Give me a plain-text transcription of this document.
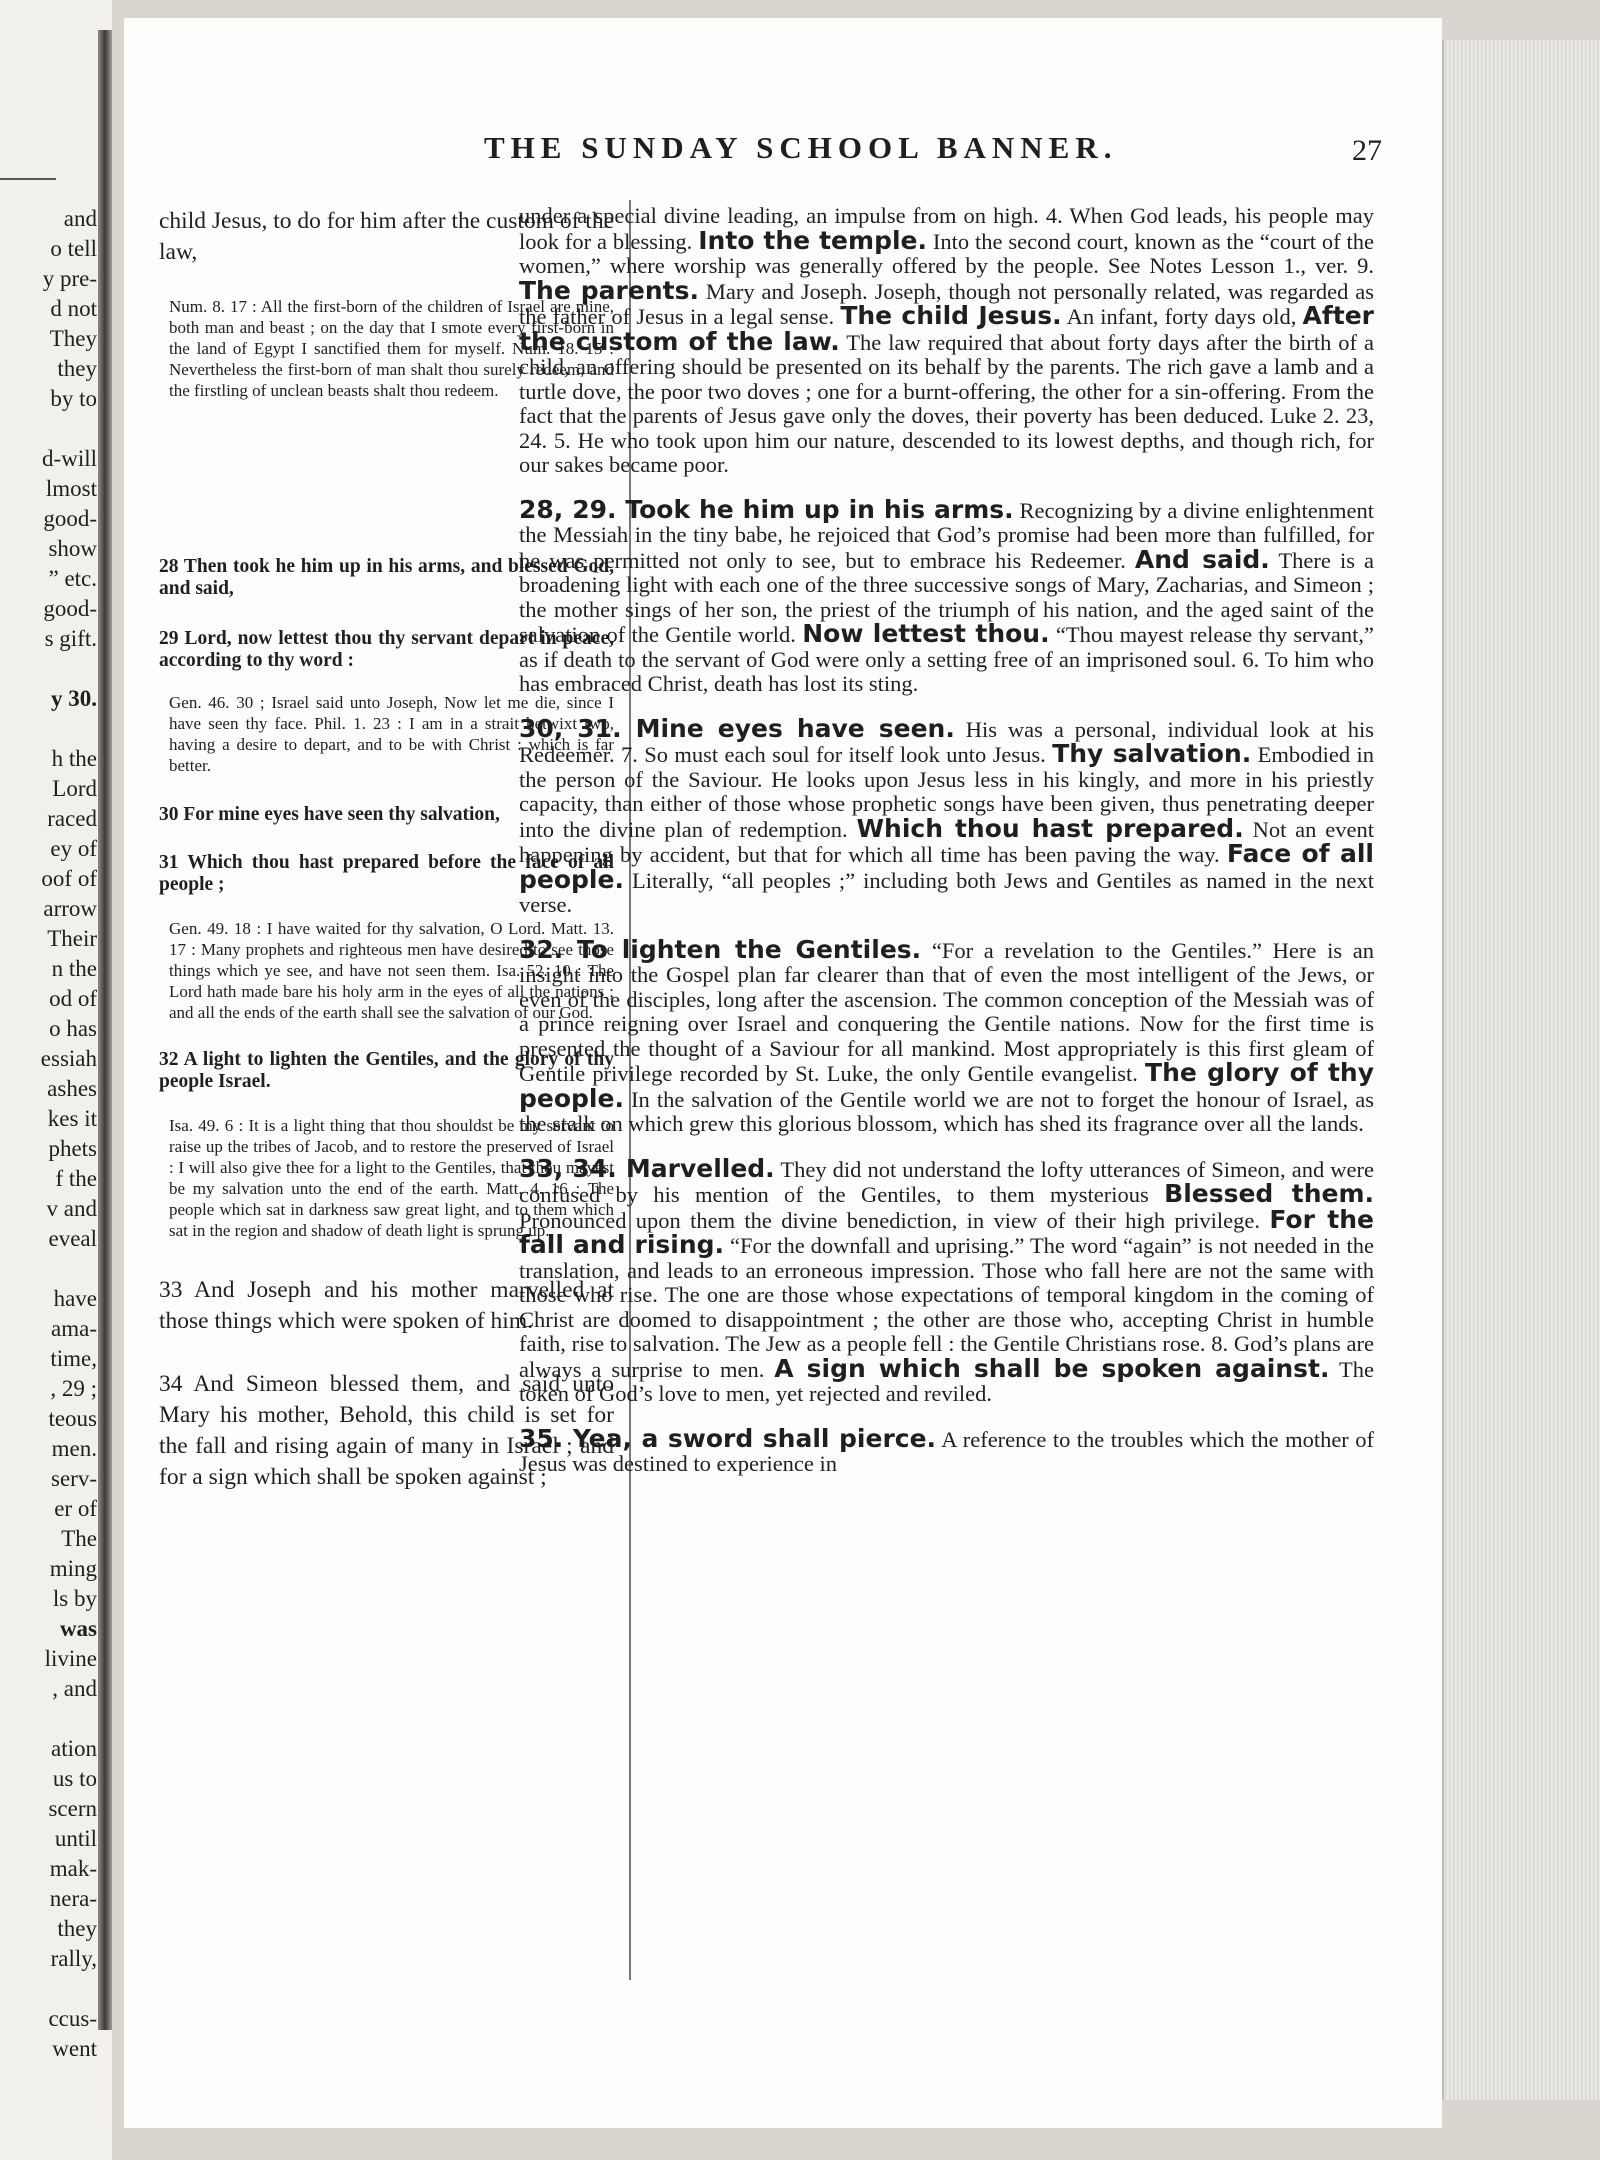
and
o tell
y pre-
d not
They
they
by to
d-will
lmost
good-
show
” etc.
good-
s gift.
y 30.
h the
Lord
raced
ey of
oof of
arrow
Their
n the
od of
o has
essiah
ashes
kes it
phets
f the
v and
eveal
have
ama-
time,
, 29 ;
teous
men.
serv-
er of
The
ming
ls by
was
livine
, and
ation
us to
scern
until
mak-
nera-
they
rally,
ccus-
went
THE SUNDAY SCHOOL BANNER.	27

child Jesus, to do for him after the custom of the law,

Num. 8. 17 : All the first-born of the children of Israel are mine, both man and beast ; on the day that I smote every first-born in the land of Egypt I sanctified them for myself. Num. 18. 15 : Nevertheless the first-born of man shalt thou surely redeem, and the firstling of unclean beasts shalt thou redeem.

28 Then took he him up in his arms, and blessed God, and said,

29 Lord, now lettest thou thy servant depart in peace, according to thy word :

Gen. 46. 30 ; Israel said unto Joseph, Now let me die, since I have seen thy face. Phil. 1. 23 : I am in a strait betwixt two, having a desire to depart, and to be with Christ : which is far better.

30 For mine eyes have seen thy salvation,

31 Which thou hast prepared before the face of all people ;

Gen. 49. 18 : I have waited for thy salvation, O Lord. Matt. 13. 17 : Many prophets and righteous men have desired to see those things which ye see, and have not seen them. Isa. 52. 10 : The Lord hath made bare his holy arm in the eyes of all the nations ; and all the ends of the earth shall see the salvation of our God.

32 A light to lighten the Gentiles, and the glory of thy people Israel.

Isa. 49. 6 : It is a light thing that thou shouldst be my servant to raise up the tribes of Jacob, and to restore the preserved of Israel : I will also give thee for a light to the Gentiles, that thou mayest be my salvation unto the end of the earth. Matt. 4. 16 : The people which sat in darkness saw great light, and to them which sat in the region and shadow of death light is sprung up.

33 And Joseph and his mother marvelled at those things which were spoken of him.

34 And Simeon blessed them, and said unto Mary his mother, Behold, this child is set for the fall and rising again of many in Israel ; and for a sign which shall be spoken against ;

under a special divine leading, an impulse from on high. 4. When God leads, his people may look for a blessing. Into the temple. Into the second court, known as the “court of the women,” where worship was generally offered by the people. See Notes Lesson 1., ver. 9. The parents. Mary and Joseph. Joseph, though not personally related, was regarded as the father of Jesus in a legal sense. The child Jesus. An infant, forty days old, After the custom of the law. The law required that about forty days after the birth of a child, an offering should be presented on its behalf by the parents. The rich gave a lamb and a turtle dove, the poor two doves ; one for a burnt-offering, the other for a sin-offering. From the fact that the parents of Jesus gave only the doves, their poverty has been deduced. Luke 2. 23, 24. 5. He who took upon him our nature, descended to its lowest depths, and though rich, for our sakes became poor.

28, 29. Took he him up in his arms. Recognizing by a divine enlightenment the Messiah in the tiny babe, he rejoiced that God’s promise had been more than fulfilled, for he was permitted not only to see, but to embrace his Redeemer. And said. There is a broadening light with each one of the three successive songs of Mary, Zacharias, and Simeon ; the mother sings of her son, the priest of the triumph of his nation, and the aged saint of the salvation of the Gentile world. Now lettest thou. “Thou mayest release thy servant,” as if death to the servant of God were only a setting free of an imprisoned soul. 6. To him who has embraced Christ, death has lost its sting.

30, 31. Mine eyes have seen. His was a personal, individual look at his Redeemer. 7. So must each soul for itself look unto Jesus. Thy salvation. Embodied in the person of the Saviour. He looks upon Jesus less in his kingly, and more in his priestly capacity, than either of those whose prophetic songs have been given, thus penetrating deeper into the divine plan of redemption. Which thou hast prepared. Not an event happening by accident, but that for which all time has been paving the way. Face of all people. Literally, “all peoples ;” including both Jews and Gentiles as named in the next verse.

32. To lighten the Gentiles. “For a revelation to the Gentiles.” Here is an insight into the Gospel plan far clearer than that of even the most intelligent of the Jews, or even of the disciples, long after the ascension. The common conception of the Messiah was of a prince reigning over Israel and conquering the Gentile nations. Now for the first time is presented the thought of a Saviour for all mankind. Most appropriately is this first gleam of Gentile privilege recorded by St. Luke, the only Gentile evangelist. The glory of thy people. In the salvation of the Gentile world we are not to forget the honour of Israel, as the stalk on which grew this glorious blossom, which has shed its fragrance over all the lands.

33, 34. Marvelled. They did not understand the lofty utterances of Simeon, and were confused by his mention of the Gentiles, to them mysterious Blessed them. Pronounced upon them the divine benediction, in view of their high privilege. For the fall and rising. “For the downfall and uprising.” The word “again” is not needed in the translation, and leads to an erroneous impression. Those who fall here are not the same with those who rise. The one are those whose expectations of temporal kingdom in the coming of Christ are doomed to disappointment ; the other are those who, accepting Christ in humble faith, rise to salvation. The Jew as a people fell : the Gentile Christians rose. 8. God’s plans are always a surprise to men. A sign which shall be spoken against. The token of God’s love to men, yet rejected and reviled.

35. Yea, a sword shall pierce. A reference to the troubles which the mother of Jesus was destined to experience in
